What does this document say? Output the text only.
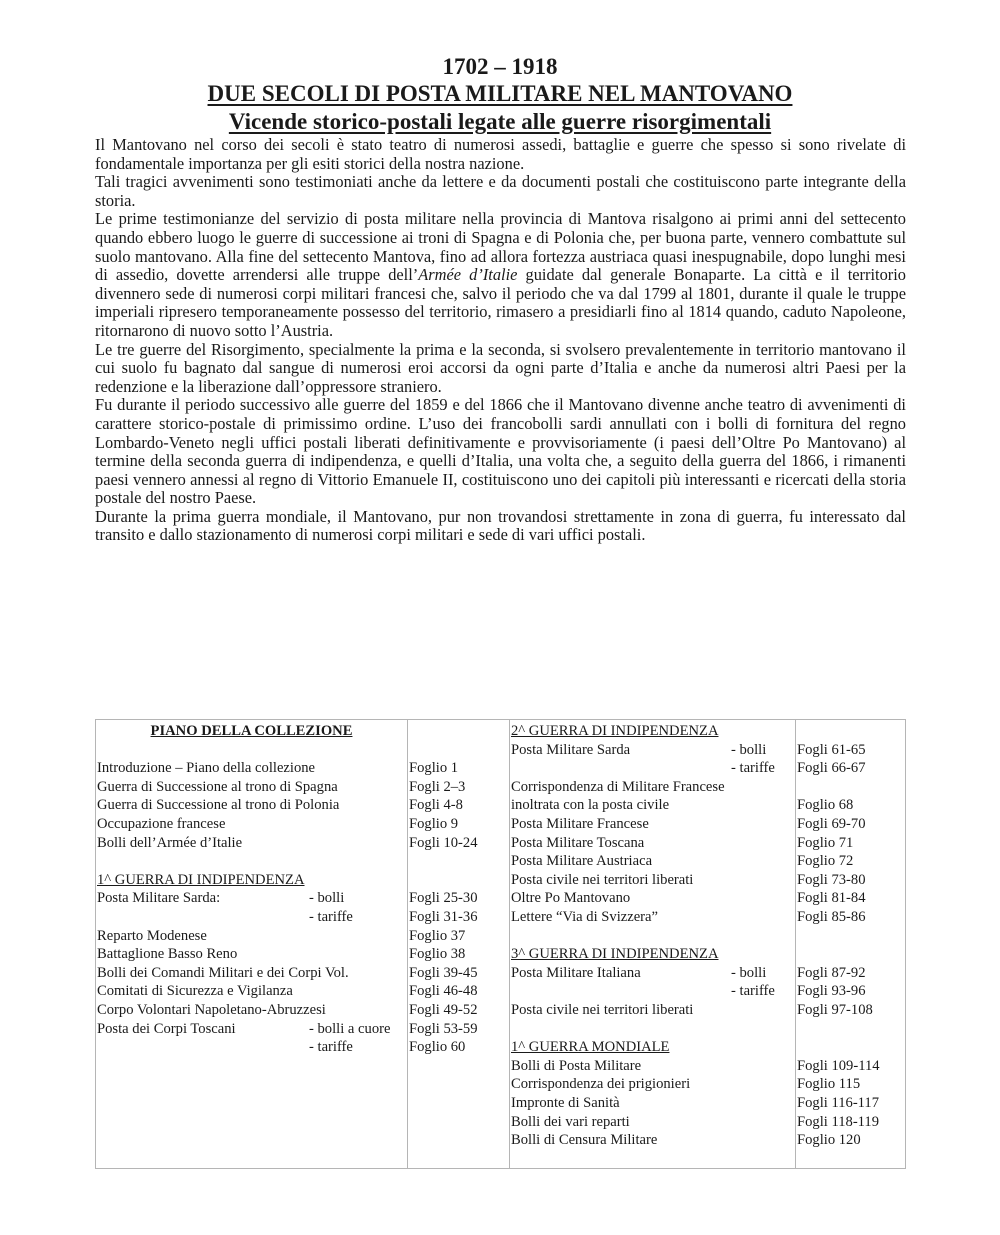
1702 – 1918
DUE SECOLI DI POSTA MILITARE NEL MANTOVANO
Vicende storico-postali legate alle guerre risorgimentali

Il Mantovano nel corso dei secoli è stato teatro di numerosi assedi, battaglie e guerre che spesso si sono rivelate di fondamentale importanza per gli esiti storici della nostra nazione.

Tali tragici avvenimenti sono testimoniati anche da lettere e da documenti postali che costituiscono parte integrante della storia.

Le prime testimonianze del servizio di posta militare nella provincia di Mantova risalgono ai primi anni del settecento quando ebbero luogo le guerre di successione ai troni di Spagna e di Polonia che, per buona parte, vennero combattute sul suolo mantovano. Alla fine del settecento Mantova, fino ad allora fortezza austriaca quasi inespugnabile, dopo lunghi mesi di assedio, dovette arrendersi alle truppe dell’Armée d’Italie guidate dal generale Bonaparte. La città e il territorio divennero sede di numerosi corpi militari francesi che, salvo il periodo che va dal 1799 al 1801, durante il quale le truppe imperiali ripresero temporaneamente possesso del territorio, rimasero a presidiarli fino al 1814 quando, caduto Napoleone, ritornarono di nuovo sotto l’Austria.

Le tre guerre del Risorgimento, specialmente la prima e la seconda, si svolsero prevalentemente in territorio mantovano il cui suolo fu bagnato dal sangue di numerosi eroi accorsi da ogni parte d’Italia e anche da numerosi altri Paesi per la redenzione e la liberazione dall’oppressore straniero.

Fu durante il periodo successivo alle guerre del 1859 e del 1866 che il Mantovano divenne anche teatro di avvenimenti di carattere storico-postale di primissimo ordine. L’uso dei francobolli sardi annullati con i bolli di fornitura del regno Lombardo-Veneto negli uffici postali liberati definitivamente e provvisoriamente (i paesi dell’Oltre Po Mantovano) al termine della seconda guerra di indipendenza, e quelli d’Italia, una volta che, a seguito della guerra del 1866, i rimanenti paesi vennero annessi al regno di Vittorio Emanuele II, costituiscono uno dei capitoli più interessanti e ricercati della storia postale del nostro Paese.

Durante la prima guerra mondiale, il Mantovano, pur non trovandosi strettamente in zona di guerra, fu interessato dal transito e dallo stazionamento di numerosi corpi militari e sede di vari uffici postali.

PIANO DELLA COLLEZIONE
Introduzione – Piano della collezione	Foglio 1
Guerra di Successione al trono di Spagna	Fogli 2–3
Guerra di Successione al trono di Polonia	Fogli 4-8
Occupazione francese	Foglio 9
Bolli dell’Armée d’Italie	Fogli 10-24
1^ GUERRA DI INDIPENDENZA
Posta Militare Sarda:	- bolli	Fogli 25-30
- tariffe	Fogli 31-36
Reparto Modenese	Foglio 37
Battaglione Basso Reno	Foglio 38
Bolli dei Comandi Militari e dei Corpi Vol.	Fogli 39-45
Comitati di Sicurezza e Vigilanza	Fogli 46-48
Corpo Volontari Napoletano-Abruzzesi	Fogli 49-52
Posta dei Corpi Toscani	- bolli a cuore Fogli 53-59
- tariffe	Foglio 60
2^ GUERRA DI INDIPENDENZA
Posta Militare Sarda	- bolli Fogli 61-65
- tariffe Fogli 66-67
Corrispondenza di Militare Francese
inoltrata con la posta civile	Foglio 68
Posta Militare Francese	Fogli 69-70
Posta Militare Toscana	Foglio 71
Posta Militare Austriaca	Foglio 72
Posta civile nei territori liberati	Fogli 73-80
Oltre Po Mantovano	Fogli 81-84
Lettere “Via di Svizzera”	Fogli 85-86
3^ GUERRA DI INDIPENDENZA
Posta Militare Italiana	- bolli Fogli 87-92
- tariffe Fogli 93-96
Posta civile nei territori liberati	Fogli 97-108
1^ GUERRA MONDIALE
Bolli di Posta Militare	Fogli 109-114
Corrispondenza dei prigionieri	Foglio 115
Impronte di Sanità	Fogli 116-117
Bolli dei vari reparti	Fogli 118-119
Bolli di Censura Militare	Foglio 120
